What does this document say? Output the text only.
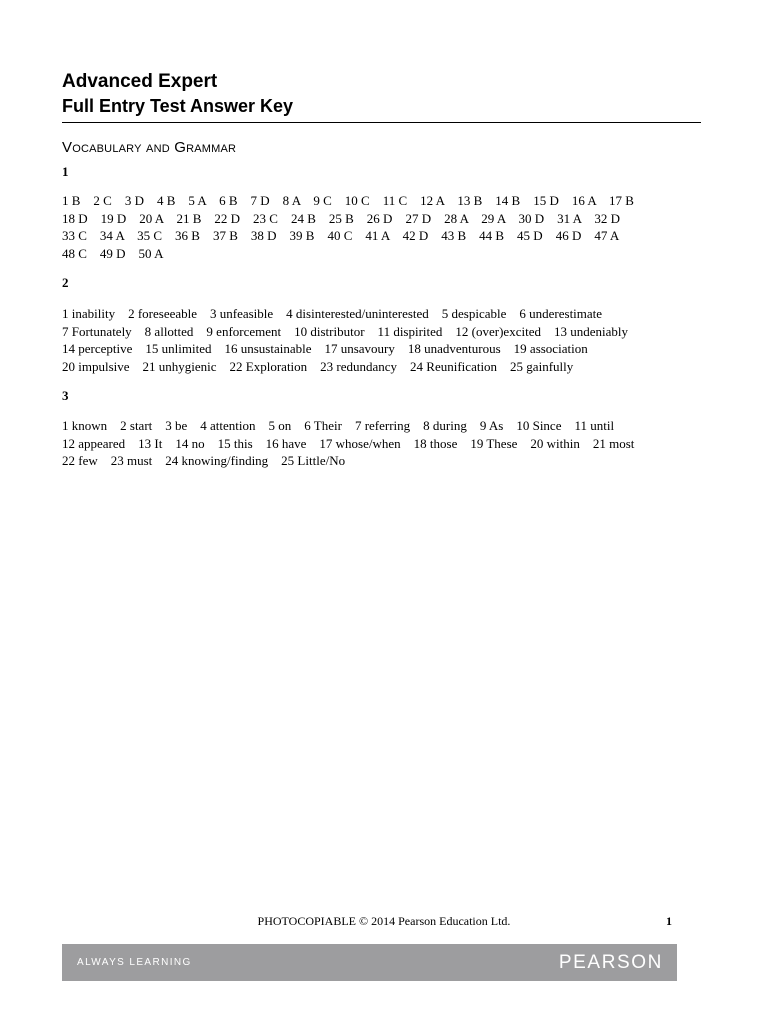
Advanced Expert
Full Entry Test Answer Key
Vocabulary and Grammar
1
1 B    2 C    3 D    4 B    5 A    6 B    7 D    8 A    9 C    10 C    11 C    12 A    13 B    14 B    15 D    16 A    17 B
18 D    19 D    20 A    21 B    22 D    23 C    24 B    25 B    26 D    27 D    28 A    29 A    30 D    31 A    32 D
33 C    34 A    35 C    36 B    37 B    38 D    39 B    40 C    41 A    42 D    43 B    44 B    45 D    46 D    47 A
48 C    49 D    50 A
2
1 inability    2 foreseeable    3 unfeasible    4 disinterested/uninterested    5 despicable    6 underestimate
7 Fortunately    8 allotted    9 enforcement    10 distributor    11 dispirited    12 (over)excited    13 undeniably
14 perceptive    15 unlimited    16 unsustainable    17 unsavoury    18 unadventurous    19 association
20 impulsive    21 unhygienic    22 Exploration    23 redundancy    24 Reunification    25 gainfully
3
1 known    2 start    3 be    4 attention    5 on    6 Their    7 referring    8 during    9 As    10 Since    11 until
12 appeared    13 It    14 no    15 this    16 have    17 whose/when    18 those    19 These    20 within    21 most
22 few    23 must    24 knowing/finding    25 Little/No
PHOTOCOPIABLE © 2014 Pearson Education Ltd.	1
ALWAYS LEARNING	PEARSON
